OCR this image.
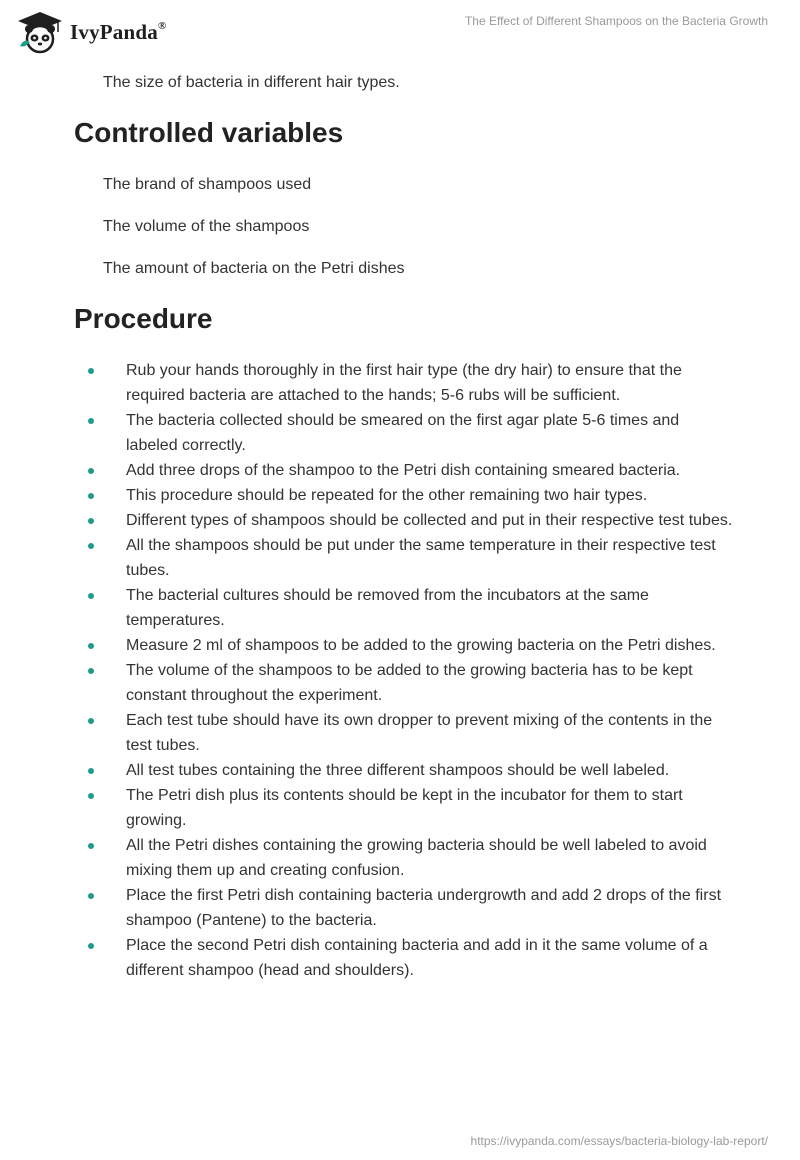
IvyPanda®	The Effect of Different Shampoos on the Bacteria Growth
The size of bacteria in different hair types.
Controlled variables
The brand of shampoos used
The volume of the shampoos
The amount of bacteria on the Petri dishes
Procedure
Rub your hands thoroughly in the first hair type (the dry hair) to ensure that the required bacteria are attached to the hands; 5-6 rubs will be sufficient.
The bacteria collected should be smeared on the first agar plate 5-6 times and labeled correctly.
Add three drops of the shampoo to the Petri dish containing smeared bacteria.
This procedure should be repeated for the other remaining two hair types.
Different types of shampoos should be collected and put in their respective test tubes.
All the shampoos should be put under the same temperature in their respective test tubes.
The bacterial cultures should be removed from the incubators at the same temperatures.
Measure 2 ml of shampoos to be added to the growing bacteria on the Petri dishes.
The volume of the shampoos to be added to the growing bacteria has to be kept constant throughout the experiment.
Each test tube should have its own dropper to prevent mixing of the contents in the test tubes.
All test tubes containing the three different shampoos should be well labeled.
The Petri dish plus its contents should be kept in the incubator for them to start growing.
All the Petri dishes containing the growing bacteria should be well labeled to avoid mixing them up and creating confusion.
Place the first Petri dish containing bacteria undergrowth and add 2 drops of the first shampoo (Pantene) to the bacteria.
Place the second Petri dish containing bacteria and add in it the same volume of a different shampoo (head and shoulders).
https://ivypanda.com/essays/bacteria-biology-lab-report/
